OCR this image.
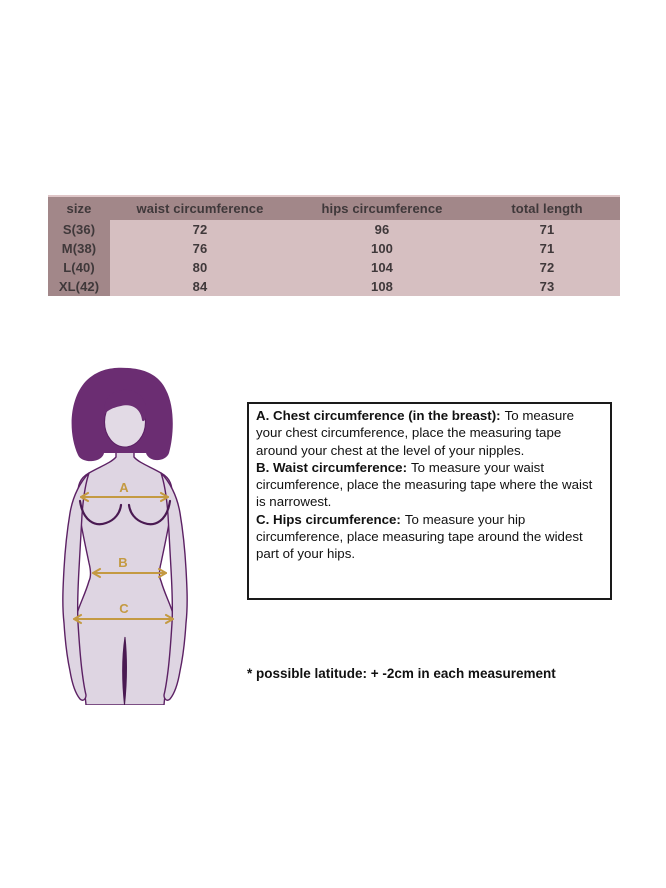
size	waist circumference	hips circumference	total length
S(36)	72	96	71
M(38)	76	100	71
L(40)	80	104	72
XL(42)	84	108	73
A
B
C
A. Chest circumference (in the breast): To measure your chest circumference, place the measuring tape around your chest at the level of your nipples.
B. Waist circumference: To measure your waist circumference, place the measuring tape where the waist is narrowest.
C. Hips circumference: To measure your hip circumference, place measuring tape around the widest part of your hips.
* possible latitude: + -2cm in each measurement
